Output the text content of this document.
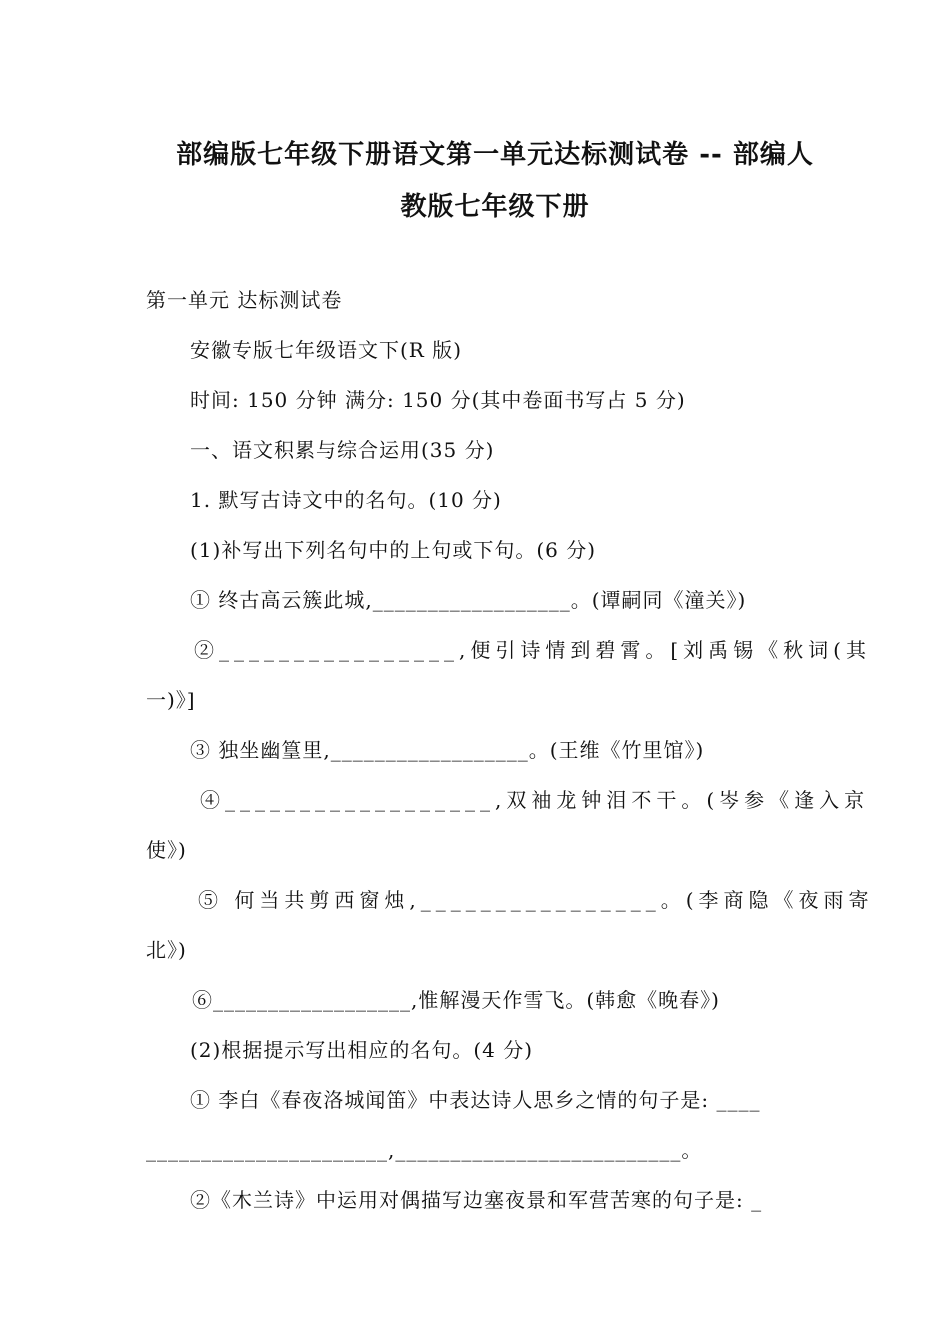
部编版七年级下册语文第一单元达标测试卷 -- 部编人
教版七年级下册
第一单元 达标测试卷
安徽专版七年级语文下(R 版)
时间: 150 分钟 满分: 150 分(其中卷面书写占 5 分)
一、语文积累与综合运用(35 分)
1. 默写古诗文中的名句。(10 分)
(1)补写出下列名句中的上句或下句。(6 分)
① 终古高云簇此城,__________________。(谭嗣同《潼关》)
②________________,便引诗情到碧霄。[刘禹锡《秋词(其
一)》]
③ 独坐幽篁里,__________________。(王维《竹里馆》)
④__________________,双袖龙钟泪不干。(岑参《逢入京
使》)
⑤ 何当共剪西窗烛,________________。(李商隐《夜雨寄
北》)
⑥__________________,惟解漫天作雪飞。(韩愈《晚春》)
(2)根据提示写出相应的名句。(4 分)
① 李白《春夜洛城闻笛》中表达诗人思乡之情的句子是: ____
______________________,__________________________。
②《木兰诗》中运用对偶描写边塞夜景和军营苦寒的句子是: _
